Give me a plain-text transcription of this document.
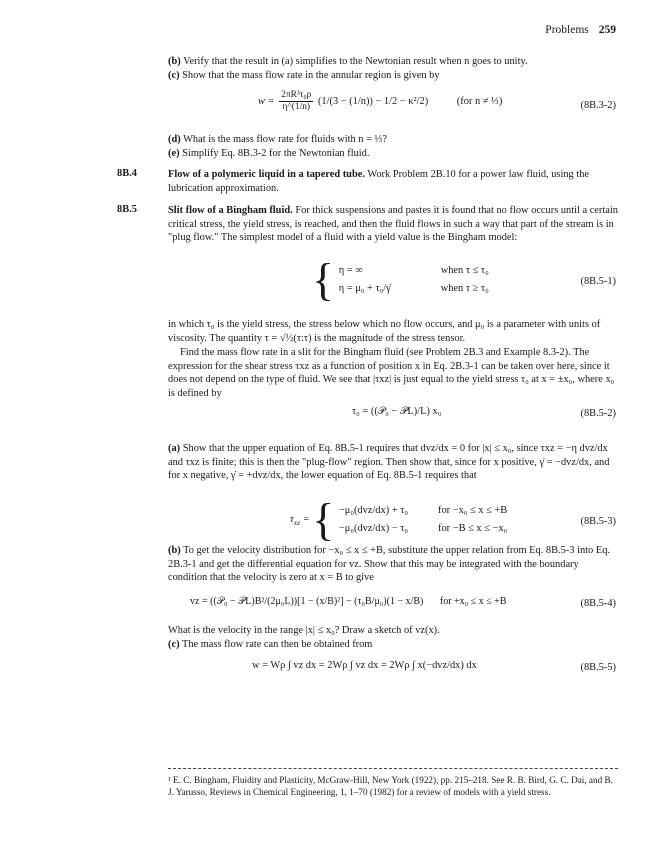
Problems 259
(b) Verify that the result in (a) simplifies to the Newtonian result when n goes to unity.
(c) Show that the mass flow rate in the annular region is given by
$w = \frac{\text{2πR³τ₀ρ}}{\eta\^{}(1/n)} (1/(3 - (1/n)) - 1/2 - \kappa^2/2)$	(for n ≠ ⅓)	(8B.3-2)
(d) What is the mass flow rate for fluids with n = ⅓?
(e) Simplify Eq. 8B.3-2 for the Newtonian fluid.
8B.4	Flow of a polymeric liquid in a tapered tube. Work Problem 2B.10 for a power law fluid, using the lubrication approximation.
8B.5	Slit flow of a Bingham fluid. For thick suspensions and pastes it is found that no flow occurs until a certain critical stress, the yield stress, is reached, and then the fluid flows in such a way that part of the stream is in "plug flow." The simplest model of a fluid with a yield value is the Bingham model:
{ η = ∞	when τ ≤ τ₀
η = μ₀ + τ₀/γ̇	when τ ≥ τ₀
(8B.5-1)
in which τ₀ is the yield stress, the stress below which no flow occurs, and μ₀ is a parameter with units of viscosity. The quantity τ = √½(τ:τ) is the magnitude of the stress tensor.
Find the mass flow rate in a slit for the Bingham fluid (see Problem 2B.3 and Example 8.3-2). The expression for the shear stress τxz as a function of position x in Eq. 2B.3-1 can be taken over here, since it does not depend on the type of fluid. We see that |τxz| is just equal to the yield stress τ₀ at x = ±x₀, where x₀ is defined by
τ₀ = ((𝒫₀ − 𝒫L)/L) x₀	(8B.5-2)
(a) Show that the upper equation of Eq. 8B.5-1 requires that dvz/dx = 0 for |x| ≤ x₀, since τxz = −η dvz/dx and τxz is finite; this is then the "plug-flow" region. Then show that, since for x positive, γ̇ = −dvz/dx, and for x negative, γ̇ = +dvz/dx, the lower equation of Eq. 8B.5-1 requires that
$\tau_{xz}$ = { −μ₀(dvz/dx) + τ₀	for −x₀ ≤ x ≤ +B
−μ₀(dvz/dx) − τ₀	for −B ≤ x ≤ −x₀
(8B.5-3)
(b) To get the velocity distribution for −x₀ ≤ x ≤ +B, substitute the upper relation from Eq. 8B.5-3 into Eq. 2B.3-1 and get the differential equation for vz. Show that this may be integrated with the boundary condition that the velocity is zero at x = B to give
vz = ((𝒫₀ − 𝒫L)B²/(2μ₀L))[1 − (x/B)²] − (τ₀B/μ₀)(1 − x/B) for +x₀ ≤ x ≤ +B	(8B.5-4)
What is the velocity in the range |x| ≤ x₀? Draw a sketch of vz(x).
(c) The mass flow rate can then be obtained from
w = Wρ ∫ vz dx = 2Wρ ∫ vz dx = 2Wρ ∫ x(−dvz/dx) dx	(8B.5-5)
¹ E. C. Bingham, Fluidity and Plasticity, McGraw-Hill, New York (1922), pp. 215–218. See R. B. Bird, G. C. Dai, and B. J. Yarusso, Reviews in Chemical Engineering, 1, 1–70 (1982) for a review of models with a yield stress.
